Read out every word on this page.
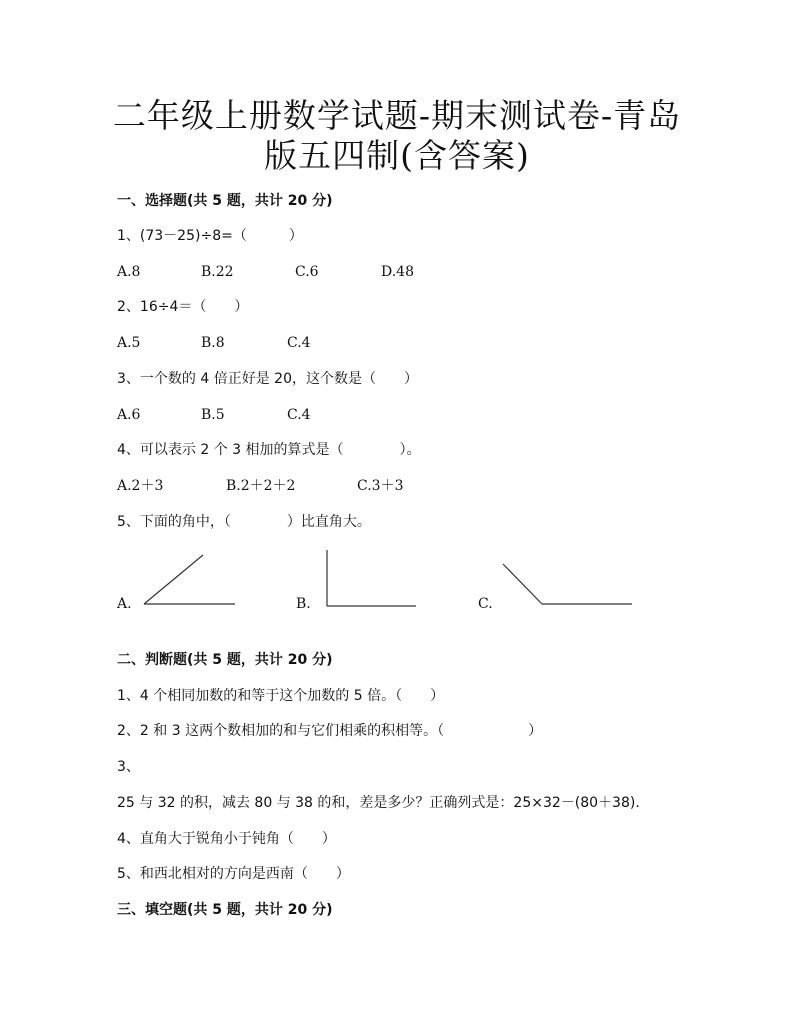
二年级上册数学试题-期末测试卷-青岛
版五四制(含答案)
一、选择题(共 5 题，共计 20 分)
1、(73－25)÷8=（　　　）
A.8	B.22	C.6	D.48
2、16÷4＝（　　）
A.5	B.8	C.4
3、一个数的 4 倍正好是 20，这个数是（　　）
A.6	B.5	C.4
4、可以表示 2 个 3 相加的算式是（　　　　）。
A.2＋3	B.2＋2＋2	C.3＋3
5、下面的角中，（　　　　）比直角大。
A.	B.	C.
二、判断题(共 5 题，共计 20 分)
1、4 个相同加数的和等于这个加数的 5 倍。（　　）
2、2 和 3 这两个数相加的和与它们相乘的积相等。（　　　　　　）
3、
25 与 32 的积，减去 80 与 38 的和，差是多少？正确列式是：25×32－(80＋38).
4、直角大于锐角小于钝角（　　）
5、和西北相对的方向是西南（　　）
三、填空题(共 5 题，共计 20 分)
